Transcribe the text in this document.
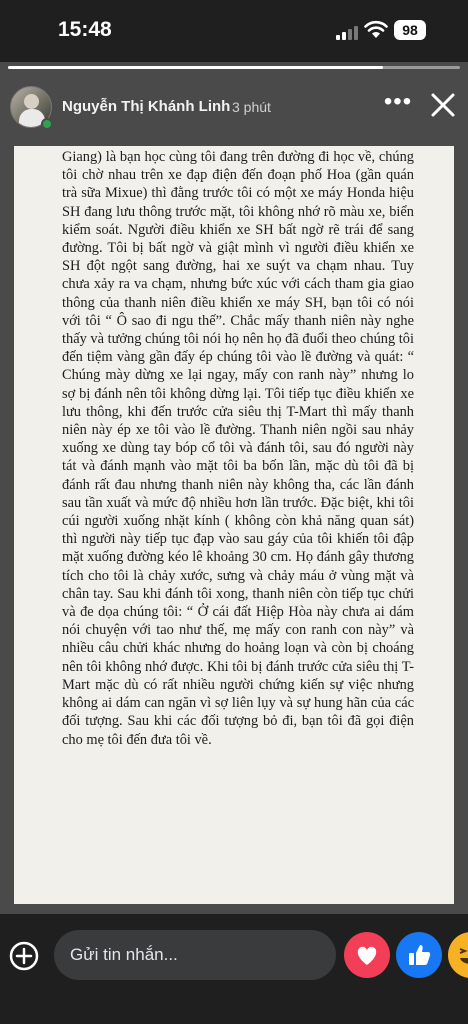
15:48	98
Nguyễn Thị Khánh Linh 3 phút	•••

Giang) là bạn học cùng tôi đang trên đường đi học về, chúng tôi chờ nhau trên xe đạp điện đến đoạn phố Hoa (gần quán trà sữa Mixue) thì đằng trước tôi có một xe máy Honda hiệu SH đang lưu thông trước mặt, tôi không nhớ rõ màu xe, biển kiểm soát. Người điều khiển xe SH bất ngờ rẽ trái để sang đường. Tôi bị bất ngờ và giật mình vì người điều khiển xe SH đột ngột sang đường, hai xe suýt va chạm nhau. Tuy chưa xảy ra va chạm, nhưng bức xúc với cách tham gia giao thông của thanh niên điều khiển xe máy SH, bạn tôi có nói với tôi “ Ô sao đi ngu thế”. Chắc mấy thanh niên này nghe thấy và tưởng chúng tôi nói họ nên họ đã đuổi theo chúng tôi đến tiệm vàng gần đấy ép chúng tôi vào lề đường và quát: “ Chúng mày dừng xe lại ngay, mấy con ranh này” nhưng lo sợ bị đánh nên tôi không dừng lại. Tôi tiếp tục điều khiển xe lưu thông, khi đến trước cửa siêu thị T-Mart thì mấy thanh niên này ép xe tôi vào lề đường. Thanh niên ngồi sau nhảy xuống xe dùng tay bóp cổ tôi và đánh tôi, sau đó người này tát và đánh mạnh vào mặt tôi ba bốn lần, mặc dù tôi đã bị đánh rất đau nhưng thanh niên này không tha, các lần đánh sau tần xuất và mức độ nhiều hơn lần trước. Đặc biệt, khi tôi cúi người xuống nhặt kính ( không còn khả năng quan sát) thì người này tiếp tục đạp vào sau gáy của tôi khiến tôi đập mặt xuống đường kéo lê khoảng 30 cm. Họ đánh gây thương tích cho tôi là chảy xước, sưng và chảy máu ở vùng mặt và chân tay. Sau khi đánh tôi xong, thanh niên còn tiếp tục chửi và đe dọa chúng tôi: “ Ở cái đất Hiệp Hòa này chưa ai dám nói chuyện với tao như thế, mẹ mấy con ranh con này” và nhiều câu chửi khác nhưng do hoảng loạn và còn bị choáng nên tôi không nhớ được. Khi tôi bị đánh trước cửa siêu thị T-Mart mặc dù có rất nhiều người chứng kiến sự việc nhưng không ai dám can ngăn vì sợ liên lụy và sự hung hãn của các đối tượng. Sau khi các đối tượng bỏ đi, bạn tôi đã gọi điện cho mẹ tôi đến đưa tôi về.

Gửi tin nhắn...
